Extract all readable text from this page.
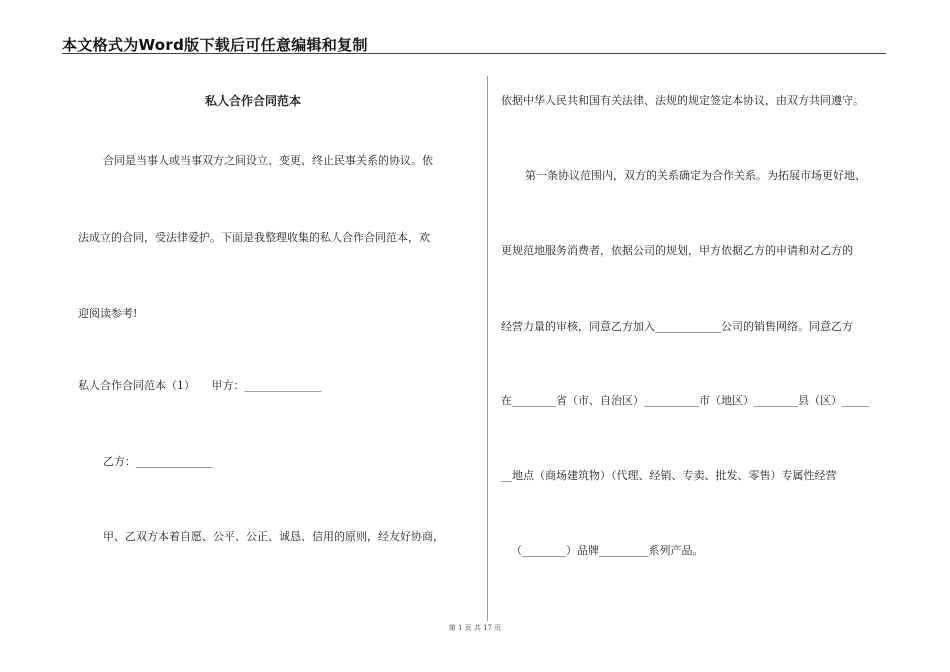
本文格式为Word版下载后可任意编辑和复制
私人合作合同范本
合同是当事人或当事双方之间设立、变更、终止民事关系的协议。依
法成立的合同，受法律爱护。下面是我整理收集的私人合作合同范本，欢
迎阅读参考!
私人合作合同范本（1）　　甲方：______________
乙方：______________
甲、乙双方本着自愿、公平、公正、诚恳、信用的原则，经友好协商，
依据中华人民共和国有关法律、法规的规定签定本协议，由双方共同遵守。
第一条协议范围内，双方的关系确定为合作关系。为拓展市场更好地、
更规范地服务消费者，依据公司的规划，甲方依据乙方的申请和对乙方的
经营力量的审核，同意乙方加入____________公司的销售网络。同意乙方
在________省（市、自治区）__________市（地区）________县（区）_____
__地点（商场建筑物）（代理、经销、专卖、批发、零售）专属性经营
（________）品牌_________系列产品。
第 1 页 共 17 页
